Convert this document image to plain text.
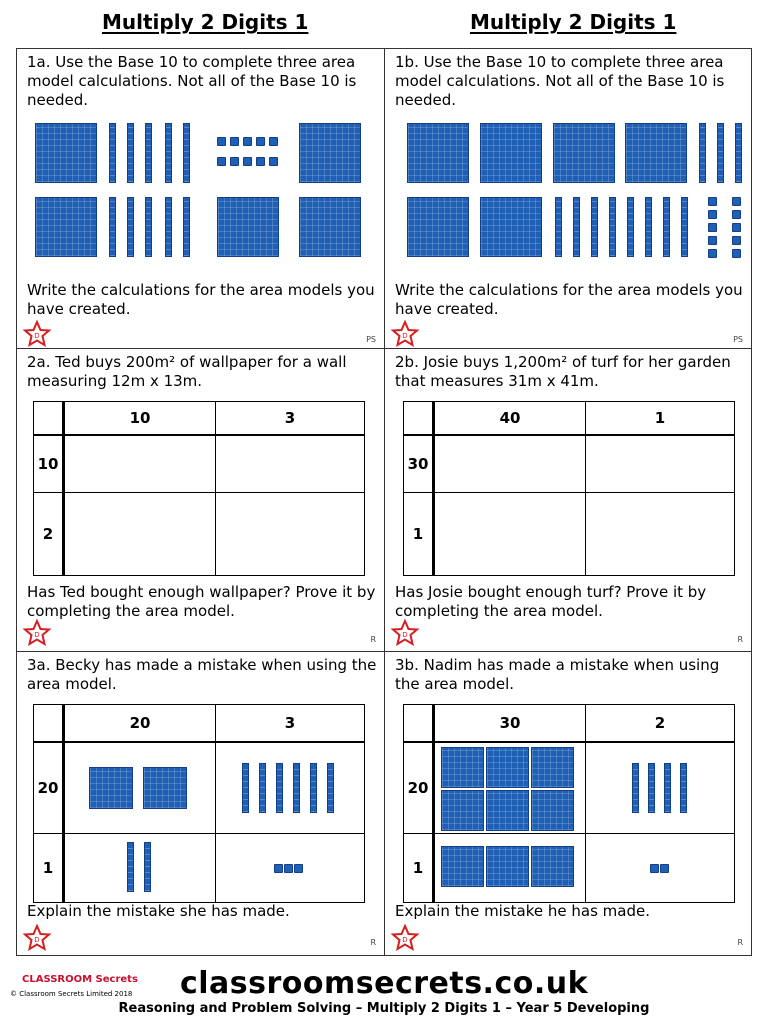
Multiply 2 Digits 1	Multiply 2 Digits 1
1a. Use the Base 10 to complete three area model calculations. Not all of the Base 10 is needed.
Write the calculations for the area models you have created.
D	PS
1b. Use the Base 10 to complete three area model calculations. Not all of the Base 10 is needed.
Write the calculations for the area models you have created.
D	PS
2a. Ted buys 200m² of wallpaper for a wall measuring 12m x 13m.
	10	3
10		
2		
Has Ted bought enough wallpaper? Prove it by completing the area model.
D	R
2b. Josie buys 1,200m² of turf for her garden that measures 31m x 41m.
	40	1
30		
1		
Has Josie bought enough turf? Prove it by completing the area model.
D	R
3a. Becky has made a mistake when using the area model.
	20	3
20	

1	

Explain the mistake she has made.
D	R
3b. Nadim has made a mistake when using the area model.
	30	2
20	

1	

Explain the mistake he has made.
D	R
CLASSROOM Secrets
© Classroom Secrets Limited 2018	classroomsecrets.co.uk
Reasoning and Problem Solving – Multiply 2 Digits 1 – Year 5 Developing
